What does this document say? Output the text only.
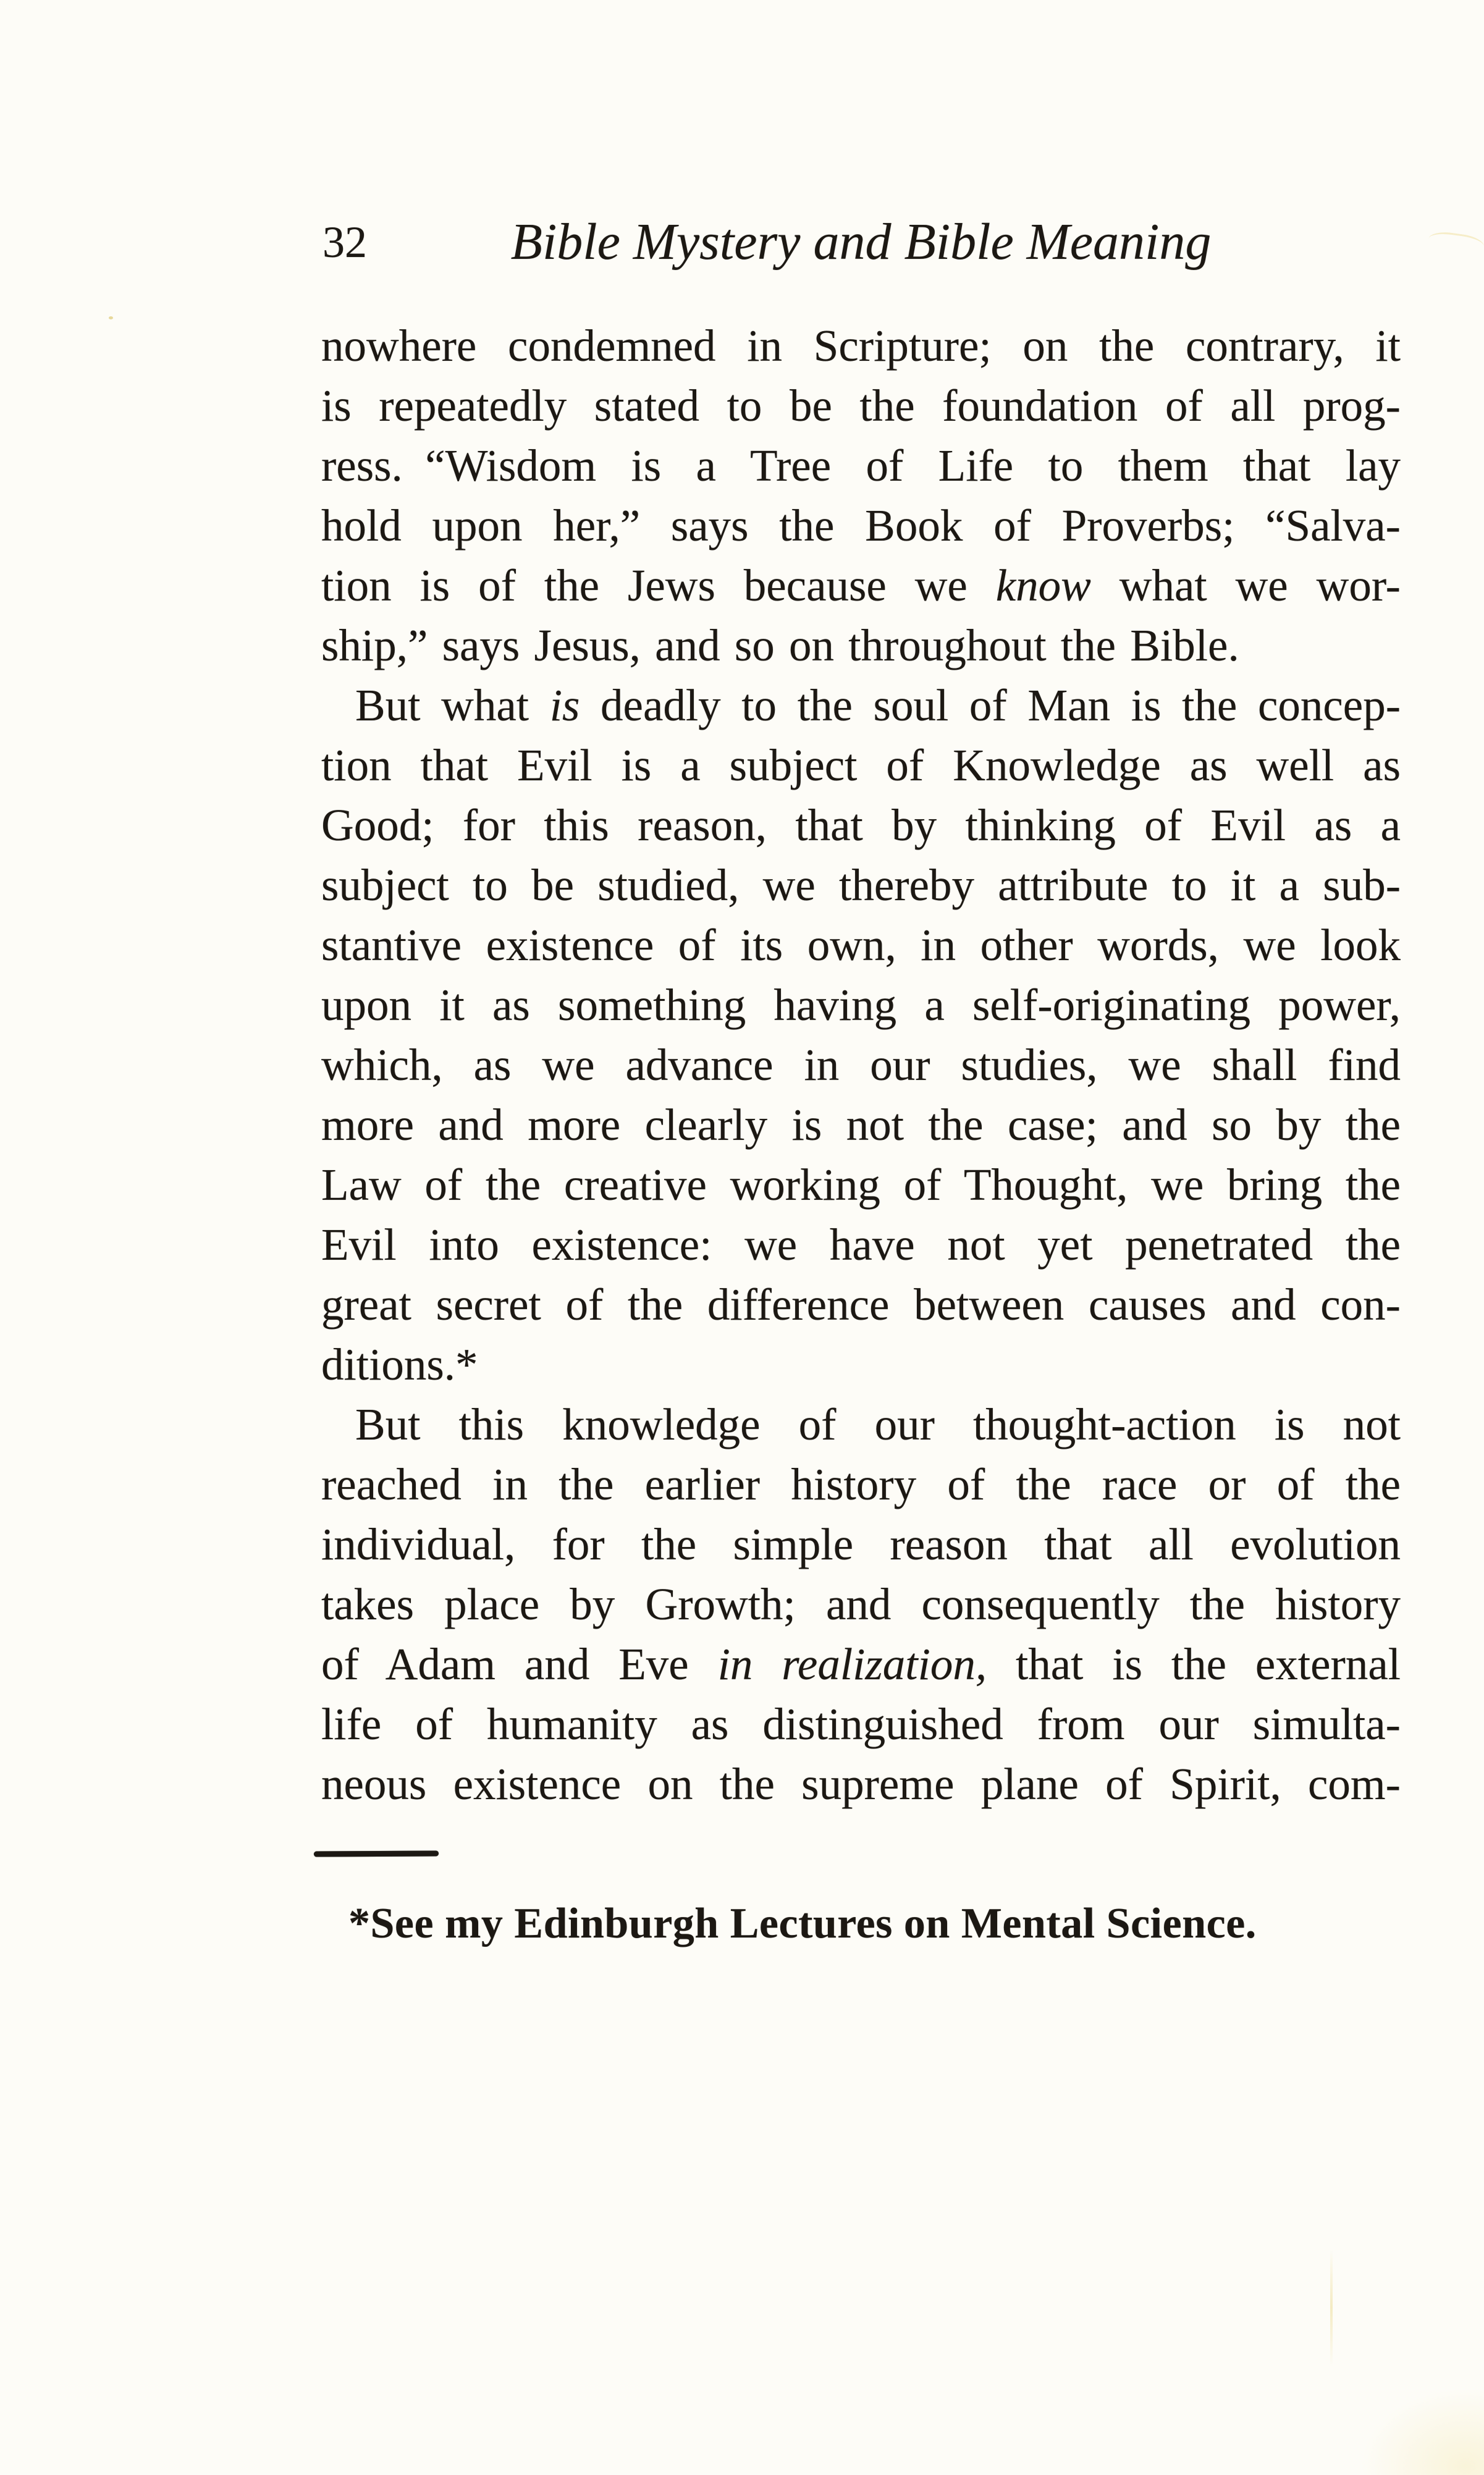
32	Bible Mystery and Bible Meaning
nowhere condemned in Scripture; on the contrary, it
is repeatedly stated to be the foundation of all prog-
ress. “Wisdom is a Tree of Life to them that lay
hold upon her,” says the Book of Proverbs; “Salva-
tion is of the Jews because we know what we wor-
ship,” says Jesus, and so on throughout the Bible.
But what is deadly to the soul of Man is the concep-
tion that Evil is a subject of Knowledge as well as
Good; for this reason, that by thinking of Evil as a
subject to be studied, we thereby attribute to it a sub-
stantive existence of its own, in other words, we look
upon it as something having a self-originating power,
which, as we advance in our studies, we shall find
more and more clearly is not the case; and so by the
Law of the creative working of Thought, we bring the
Evil into existence: we have not yet penetrated the
great secret of the difference between causes and con-
ditions.*
But this knowledge of our thought-action is not
reached in the earlier history of the race or of the
individual, for the simple reason that all evolution
takes place by Growth; and consequently the history
of Adam and Eve in realization, that is the external
life of humanity as distinguished from our simulta-
neous existence on the supreme plane of Spirit, com-
*See my Edinburgh Lectures on Mental Science.
